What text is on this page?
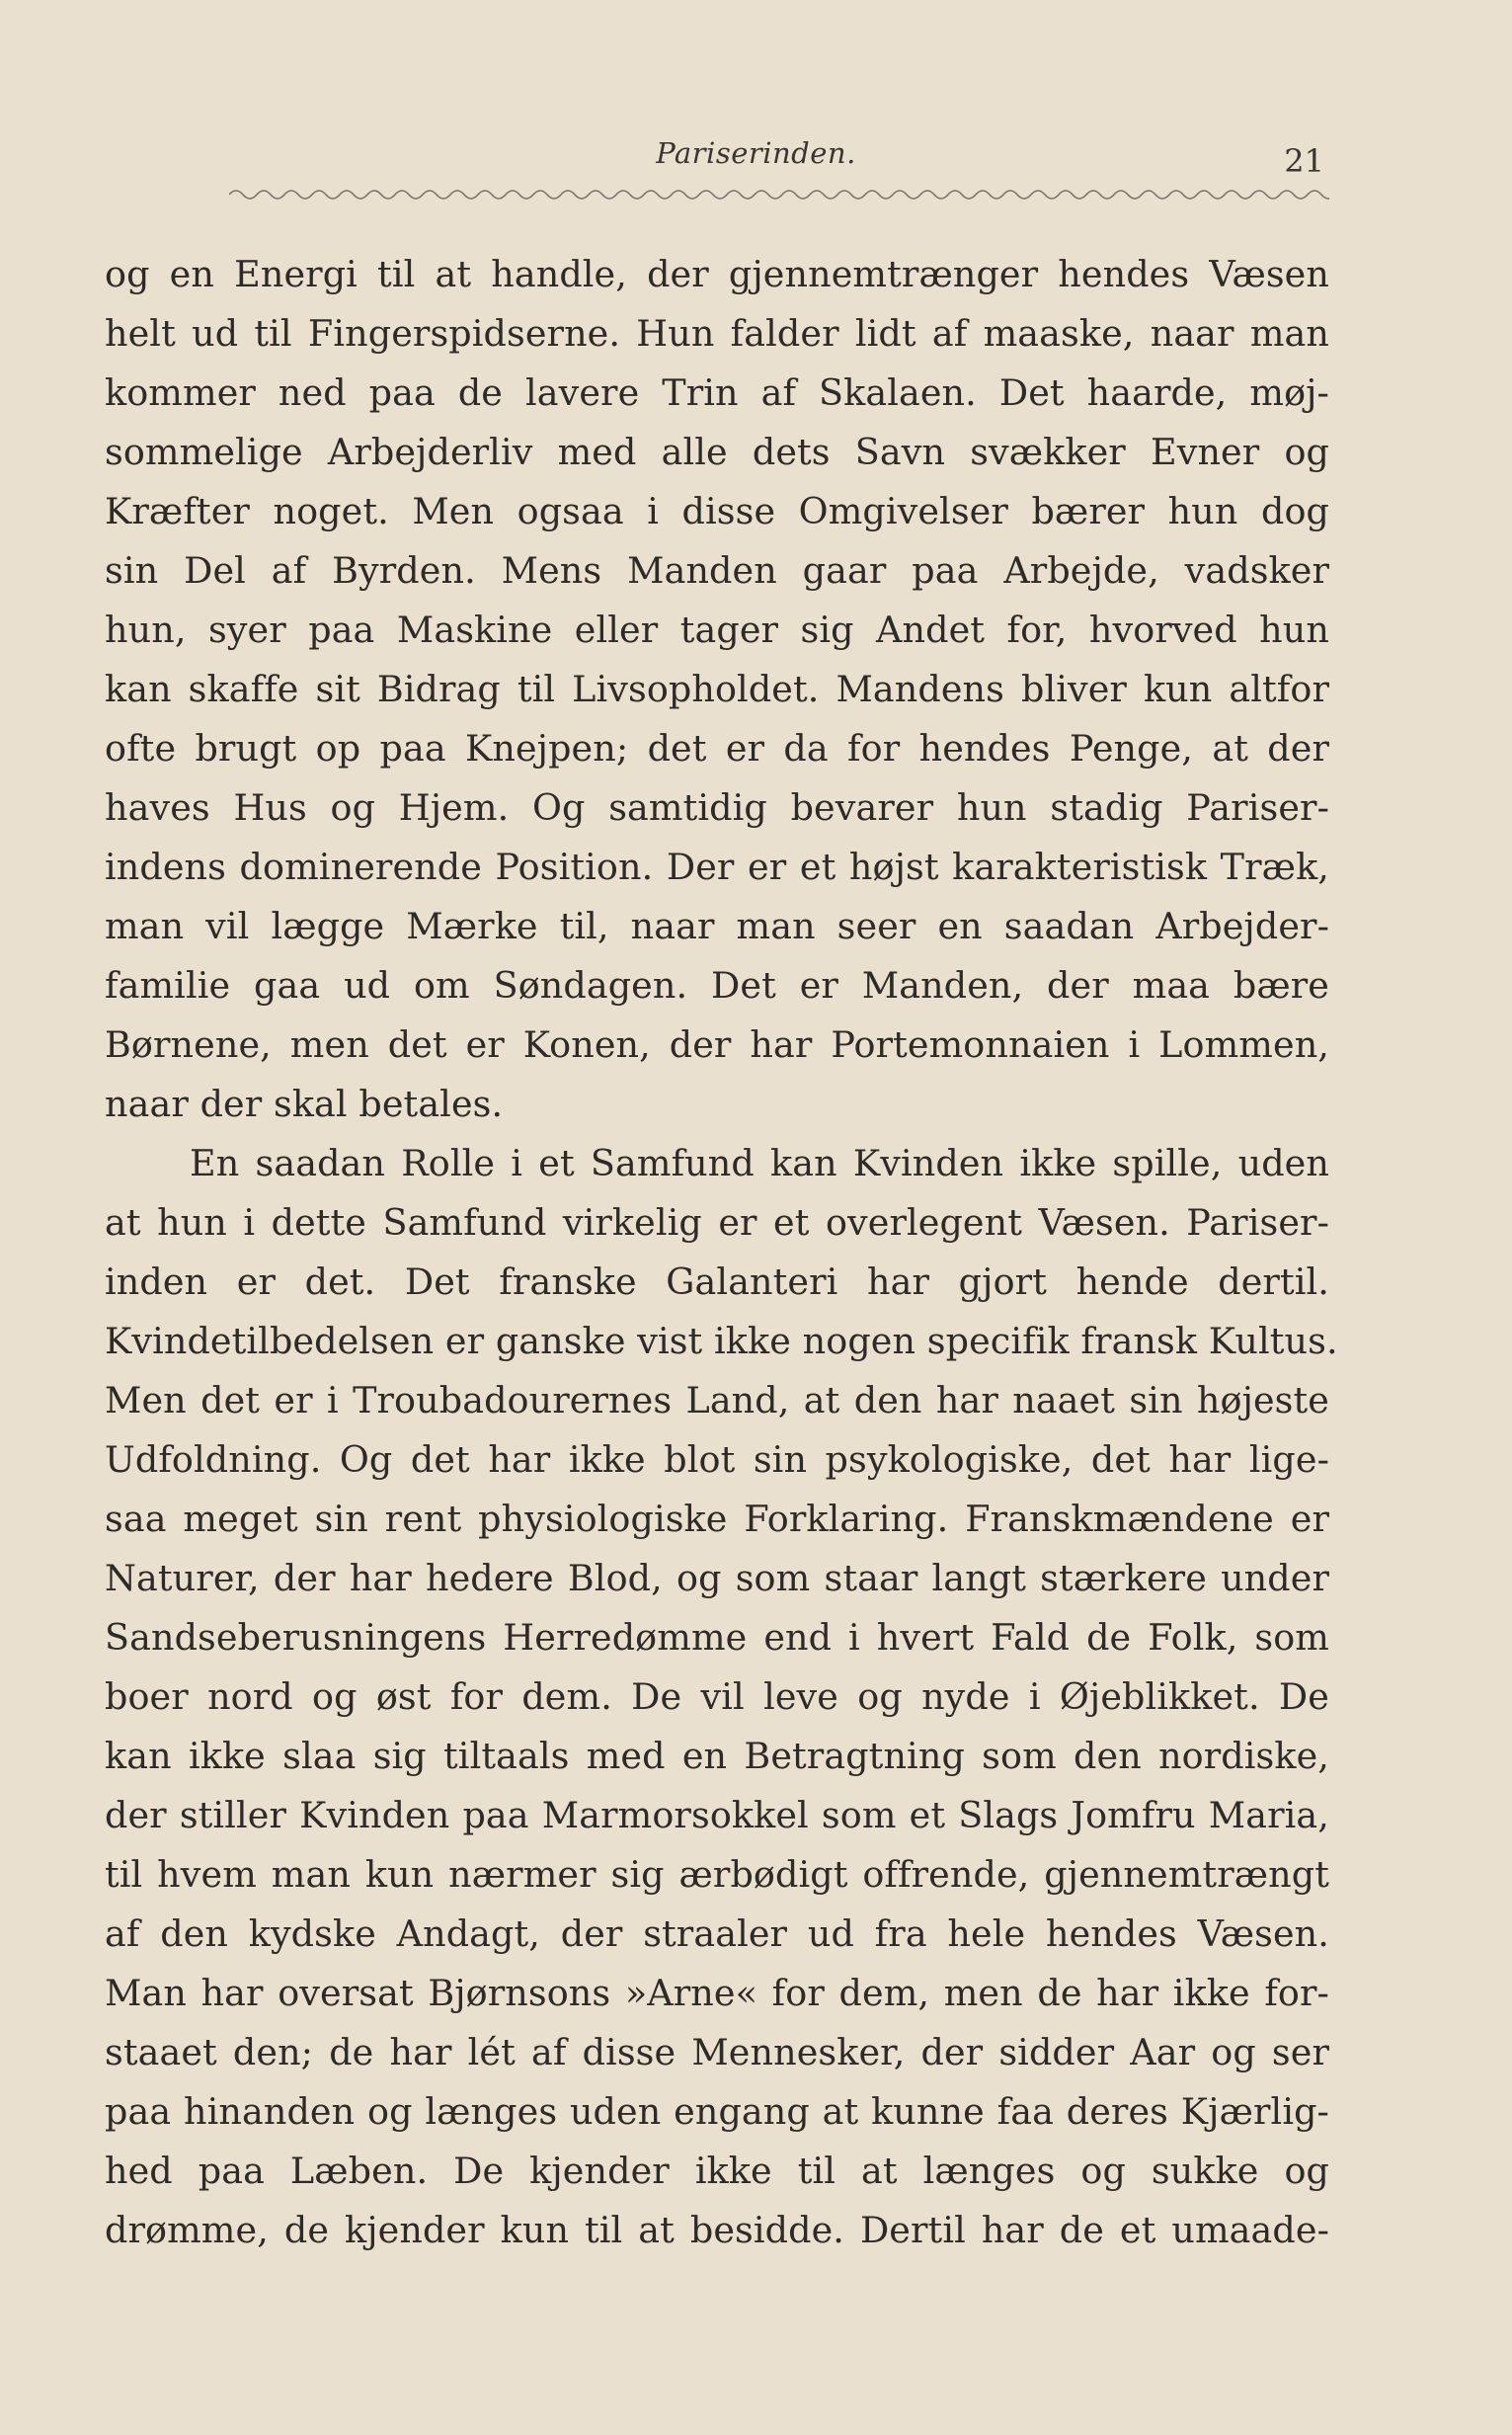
Pariserinden.	21
og en Energi til at handle, der gjennemtrænger hendes Væsen
helt ud til Fingerspidserne. Hun falder lidt af maaske, naar man
kommer ned paa de lavere Trin af Skalaen. Det haarde, møj-
sommelige Arbejderliv med alle dets Savn svækker Evner og
Kræfter noget. Men ogsaa i disse Omgivelser bærer hun dog
sin Del af Byrden. Mens Manden gaar paa Arbejde, vadsker
hun, syer paa Maskine eller tager sig Andet for, hvorved hun
kan skaffe sit Bidrag til Livsopholdet. Mandens bliver kun altfor
ofte brugt op paa Knejpen; det er da for hendes Penge, at der
haves Hus og Hjem. Og samtidig bevarer hun stadig Pariser-
indens dominerende Position. Der er et højst karakteristisk Træk,
man vil lægge Mærke til, naar man seer en saadan Arbejder-
familie gaa ud om Søndagen. Det er Manden, der maa bære
Børnene, men det er Konen, der har Portemonnaien i Lommen,
naar der skal betales.
En saadan Rolle i et Samfund kan Kvinden ikke spille, uden
at hun i dette Samfund virkelig er et overlegent Væsen. Pariser-
inden er det. Det franske Galanteri har gjort hende dertil.
Kvindetilbedelsen er ganske vist ikke nogen specifik fransk Kultus.
Men det er i Troubadourernes Land, at den har naaet sin højeste
Udfoldning. Og det har ikke blot sin psykologiske, det har lige-
saa meget sin rent physiologiske Forklaring. Franskmændene er
Naturer, der har hedere Blod, og som staar langt stærkere under
Sandseberusningens Herredømme end i hvert Fald de Folk, som
boer nord og øst for dem. De vil leve og nyde i Øjeblikket. De
kan ikke slaa sig tiltaals med en Betragtning som den nordiske,
der stiller Kvinden paa Marmorsokkel som et Slags Jomfru Maria,
til hvem man kun nærmer sig ærbødigt offrende, gjennemtrængt
af den kydske Andagt, der straaler ud fra hele hendes Væsen.
Man har oversat Bjørnsons »Arne« for dem, men de har ikke for-
staaet den; de har lét af disse Mennesker, der sidder Aar og ser
paa hinanden og længes uden engang at kunne faa deres Kjærlig-
hed paa Læben. De kjender ikke til at længes og sukke og
drømme, de kjender kun til at besidde. Dertil har de et umaade-
